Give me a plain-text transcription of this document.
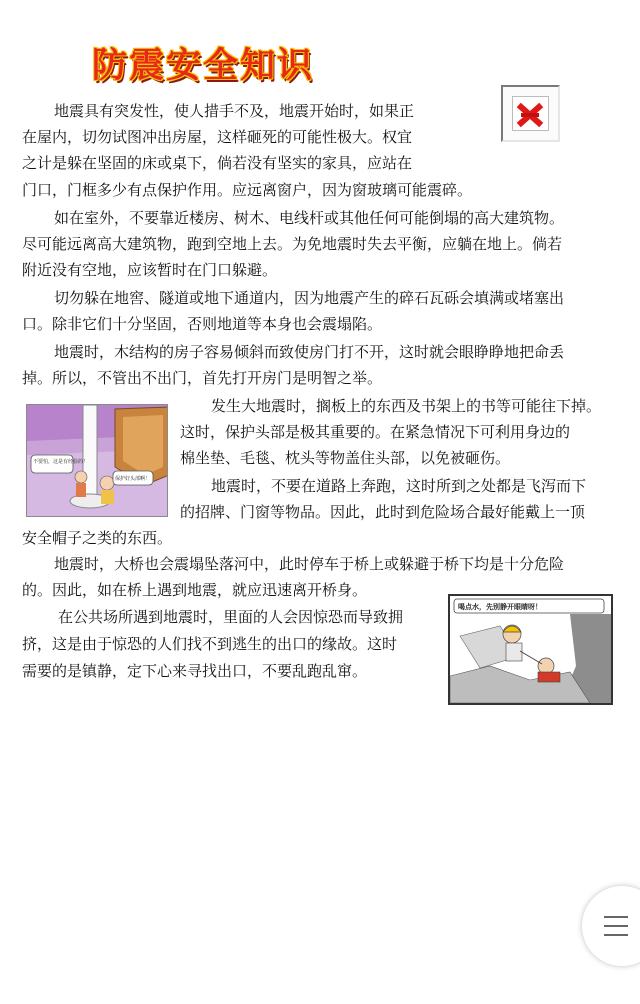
防震安全知识
地震具有突发性，使人措手不及，地震开始时，如果正
在屋内，切勿试图冲出房屋，这样砸死的可能性极大。权宜
之计是躲在坚固的床或桌下，倘若没有坚实的家具，应站在
门口，门框多少有点保护作用。应远离窗户，因为窗玻璃可能震碎。
如在室外，不要靠近楼房、树木、电线杆或其他任何可能倒塌的高大建筑物。
尽可能远离高大建筑物，跑到空地上去。为免地震时失去平衡，应躺在地上。倘若
附近没有空地，应该暂时在门口躲避。
切勿躲在地窖、隧道或地下通道内，因为地震产生的碎石瓦砾会填满或堵塞出
口。除非它们十分坚固，否则地道等本身也会震塌陷。
地震时，木结构的房子容易倾斜而致使房门打不开，这时就会眼睁睁地把命丢
掉。所以，不管出不出门，首先打开房门是明智之举。
发生大地震时，搁板上的东西及书架上的书等可能往下掉。
这时，保护头部是极其重要的。在紧急情况下可利用身边的
棉坐垫、毛毯、枕头等物盖住头部，以免被砸伤。
地震时，不要在道路上奔跑，这时所到之处都是飞泻而下
的招牌、门窗等物品。因此，此时到危险场合最好能戴上一顶
安全帽子之类的东西。
地震时，大桥也会震塌坠落河中，此时停车于桥上或躲避于桥下均是十分危险
的。因此，如在桥上遇到地震，就应迅速离开桥身。
在公共场所遇到地震时，里面的人会因惊恐而导致拥
挤，这是由于惊恐的人们找不到逃生的出口的缘故。这时
需要的是镇静，定下心来寻找出口，不要乱跑乱窜。
不要怕，这是有经验的！
保护好头部啊！
喝点水，先别静开眼睛呀！
